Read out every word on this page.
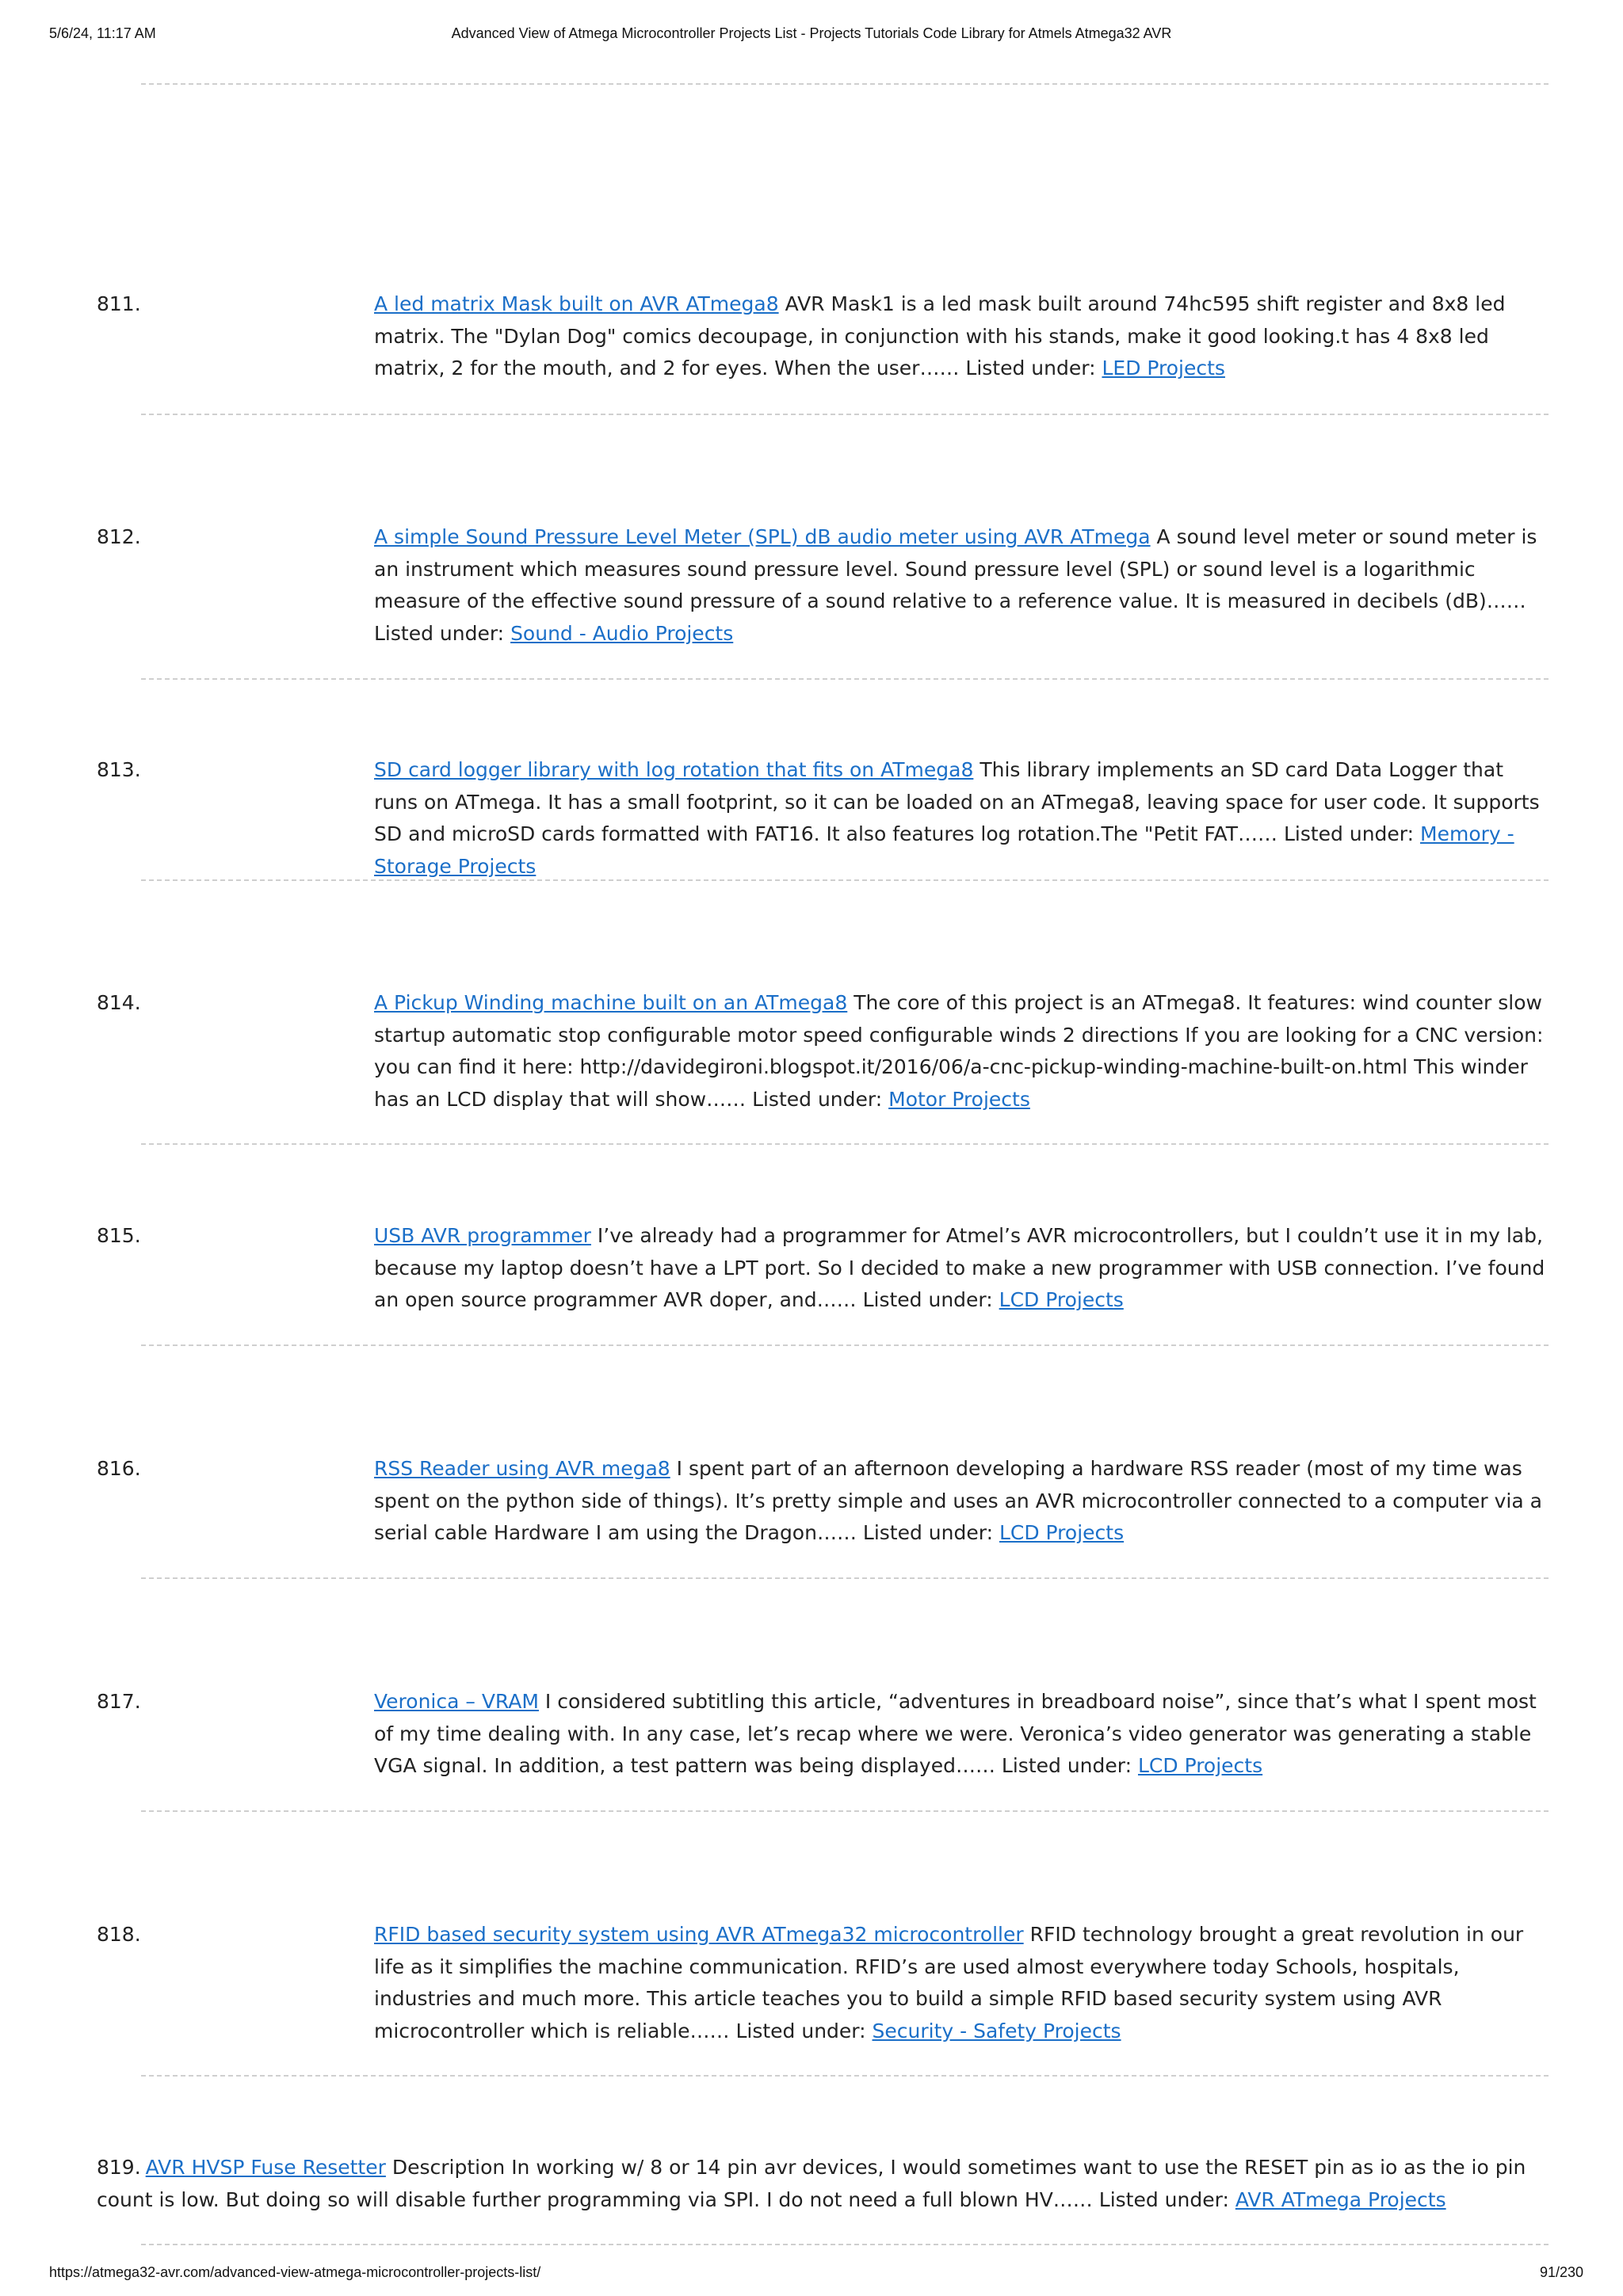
5/6/24, 11:17 AM	Advanced View of Atmega Microcontroller Projects List - Projects Tutorials Code Library for Atmels Atmega32 AVR
811.	A led matrix Mask built on AVR ATmega8 AVR Mask1 is a led mask built around 74hc595 shift register and 8x8 led matrix. The "Dylan Dog" comics decoupage, in conjunction with his stands, make it good looking.t has 4 8x8 led matrix, 2 for the mouth, and 2 for eyes. When the user…… Listed under: LED Projects
812.	A simple Sound Pressure Level Meter (SPL) dB audio meter using AVR ATmega A sound level meter or sound meter is an instrument which measures sound pressure level. Sound pressure level (SPL) or sound level is a logarithmic measure of the effective sound pressure of a sound relative to a reference value. It is measured in decibels (dB)…… Listed under: Sound - Audio Projects
813.	SD card logger library with log rotation that fits on ATmega8 This library implements an SD card Data Logger that runs on ATmega. It has a small footprint, so it can be loaded on an ATmega8, leaving space for user code. It supports SD and microSD cards formatted with FAT16. It also features log rotation.The "Petit FAT…… Listed under: Memory - Storage Projects
814.	A Pickup Winding machine built on an ATmega8 The core of this project is an ATmega8. It features: wind counter slow startup automatic stop configurable motor speed configurable winds 2 directions If you are looking for a CNC version: you can find it here: http://davidegironi.blogspot.it/2016/06/a-cnc-pickup-winding-machine-built-on.html This winder has an LCD display that will show…… Listed under: Motor Projects
815.	USB AVR programmer I’ve already had a programmer for Atmel’s AVR microcontrollers, but I couldn’t use it in my lab, because my laptop doesn’t have a LPT port. So I decided to make a new programmer with USB connection. I’ve found an open source programmer AVR doper, and…… Listed under: LCD Projects
816.	RSS Reader using AVR mega8 I spent part of an afternoon developing a hardware RSS reader (most of my time was spent on the python side of things). It’s pretty simple and uses an AVR microcontroller connected to a computer via a serial cable Hardware I am using the Dragon…… Listed under: LCD Projects
817.	Veronica – VRAM I considered subtitling this article, “adventures in breadboard noise”, since that’s what I spent most of my time dealing with. In any case, let’s recap where we were. Veronica’s video generator was generating a stable VGA signal. In addition, a test pattern was being displayed…… Listed under: LCD Projects
818.	RFID based security system using AVR ATmega32 microcontroller RFID technology brought a great revolution in our life as it simplifies the machine communication. RFID’s are used almost everywhere today Schools, hospitals, industries and much more. This article teaches you to build a simple RFID based security system using AVR microcontroller which is reliable…… Listed under: Security - Safety Projects
819. AVR HVSP Fuse Resetter Description In working w/ 8 or 14 pin avr devices, I would sometimes want to use the RESET pin as io as the io pin count is low. But doing so will disable further programming via SPI. I do not need a full blown HV…… Listed under: AVR ATmega Projects
https://atmega32-avr.com/advanced-view-atmega-microcontroller-projects-list/	91/230
